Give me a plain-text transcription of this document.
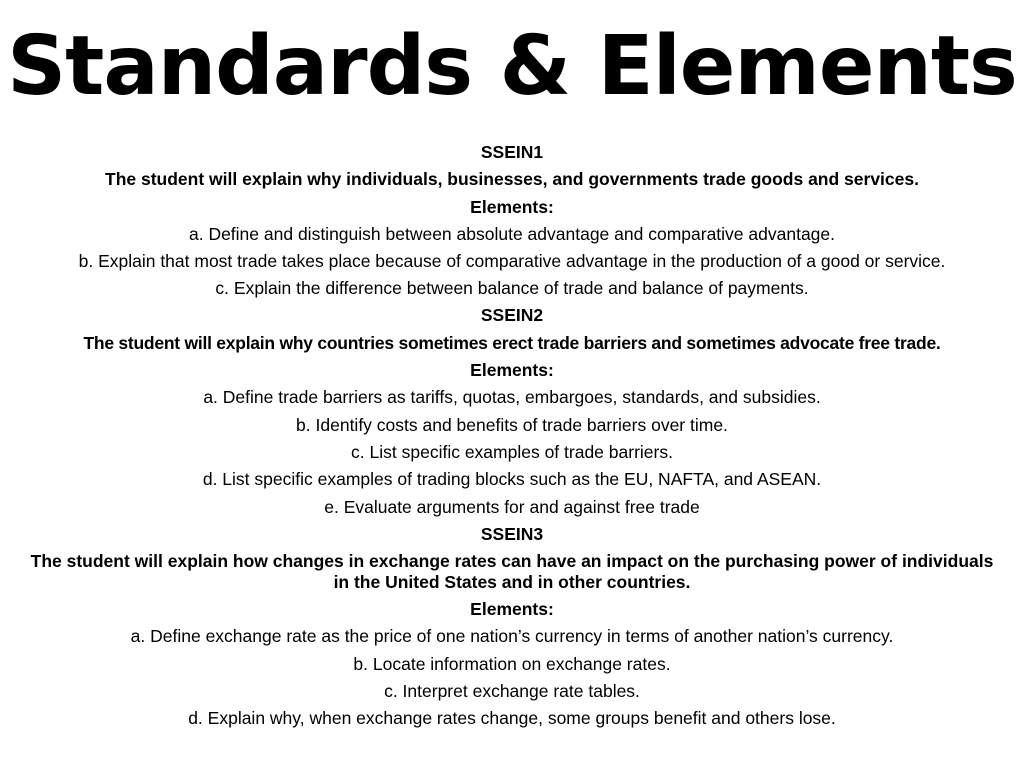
Standards & Elements

SSEIN1

The student will explain why individuals, businesses, and governments trade goods and services.

Elements:

a. Define and distinguish between absolute advantage and comparative advantage.

b. Explain that most trade takes place because of comparative advantage in the production of a good or service.

c. Explain the difference between balance of trade and balance of payments.

SSEIN2

The student will explain why countries sometimes erect trade barriers and sometimes advocate free trade.

Elements:

a. Define trade barriers as tariffs, quotas, embargoes, standards, and subsidies.

b. Identify costs and benefits of trade barriers over time.

c. List specific examples of trade barriers.

d. List specific examples of trading blocks such as the EU, NAFTA, and ASEAN.

e. Evaluate arguments for and against free trade

SSEIN3

The student will explain how changes in exchange rates can have an impact on the purchasing power of individuals in the United States and in other countries.

Elements:

a. Define exchange rate as the price of one nation’s currency in terms of another nation’s currency.

b. Locate information on exchange rates.

c. Interpret exchange rate tables.

d. Explain why, when exchange rates change, some groups benefit and others lose.
